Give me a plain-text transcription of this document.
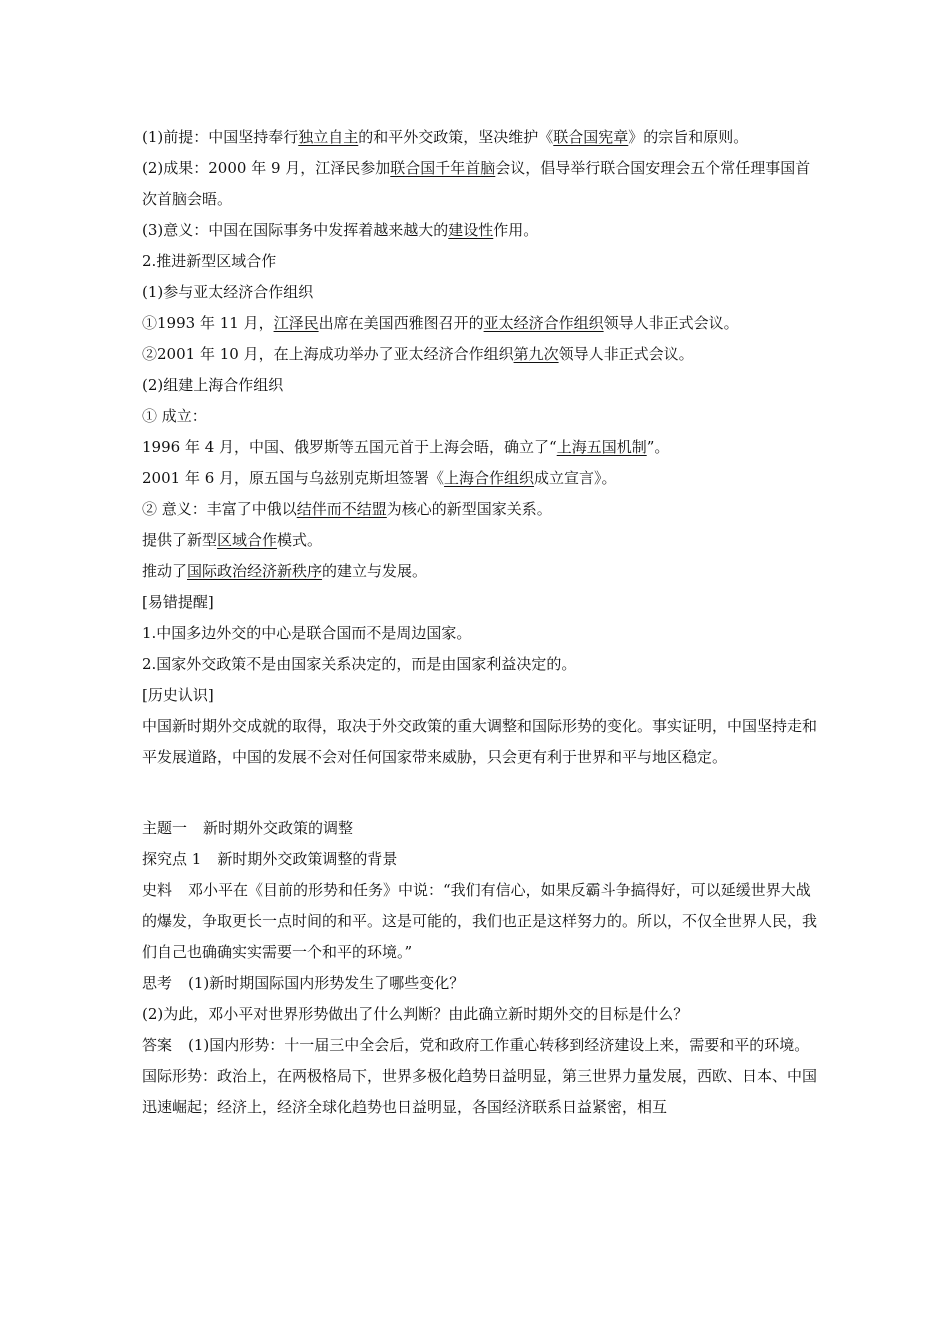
(1)前提：中国坚持奉行独立自主的和平外交政策，坚决维护《联合国宪章》的宗旨和原则。
(2)成果：2000 年 9 月，江泽民参加联合国千年首脑会议，倡导举行联合国安理会五个常任理事国首次首脑会晤。
(3)意义：中国在国际事务中发挥着越来越大的建设性作用。
2.推进新型区域合作
(1)参与亚太经济合作组织
①1993 年 11 月，江泽民出席在美国西雅图召开的亚太经济合作组织领导人非正式会议。
②2001 年 10 月，在上海成功举办了亚太经济合作组织第九次领导人非正式会议。
(2)组建上海合作组织
① 成立：
1996 年 4 月，中国、俄罗斯等五国元首于上海会晤，确立了“上海五国机制”。
2001 年 6 月，原五国与乌兹别克斯坦签署《上海合作组织成立宣言》。
② 意义：丰富了中俄以结伴而不结盟为核心的新型国家关系。
提供了新型区域合作模式。
推动了国际政治经济新秩序的建立与发展。
[易错提醒]
1.中国多边外交的中心是联合国而不是周边国家。
2.国家外交政策不是由国家关系决定的，而是由国家利益决定的。
[历史认识]
中国新时期外交成就的取得，取决于外交政策的重大调整和国际形势的变化。事实证明，中国坚持走和平发展道路，中国的发展不会对任何国家带来威胁，只会更有利于世界和平与地区稳定。
主题一 新时期外交政策的调整
探究点 1 新时期外交政策调整的背景
史料 邓小平在《目前的形势和任务》中说：“我们有信心，如果反霸斗争搞得好，可以延缓世界大战的爆发，争取更长一点时间的和平。这是可能的，我们也正是这样努力的。所以，不仅全世界人民，我们自己也确确实实需要一个和平的环境。”
思考 (1)新时期国际国内形势发生了哪些变化？
(2)为此，邓小平对世界形势做出了什么判断？由此确立新时期外交的目标是什么？
答案 (1)国内形势：十一届三中全会后，党和政府工作重心转移到经济建设上来，需要和平的环境。
国际形势：政治上，在两极格局下，世界多极化趋势日益明显，第三世界力量发展，西欧、日本、中国迅速崛起；经济上，经济全球化趋势也日益明显，各国经济联系日益紧密，相互
